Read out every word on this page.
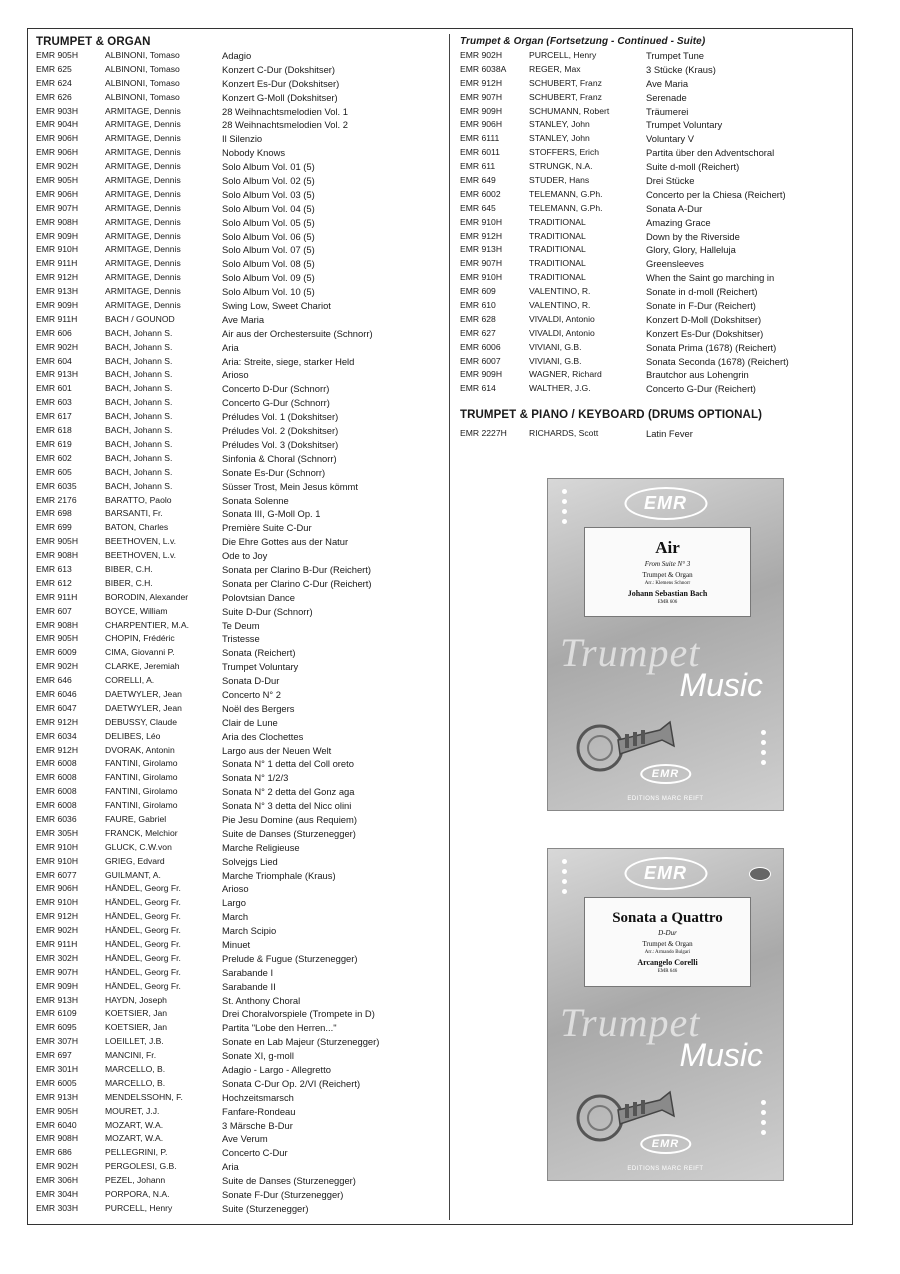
TRUMPET & ORGAN
EMR 905H	ALBINONI, Tomaso	Adagio
EMR 625	ALBINONI, Tomaso	Konzert C-Dur (Dokshitser)
EMR 624	ALBINONI, Tomaso	Konzert Es-Dur (Dokshitser)
EMR 626	ALBINONI, Tomaso	Konzert G-Moll (Dokshitser)
EMR 903H	ARMITAGE, Dennis	28 Weihnachtsmelodien Vol. 1
EMR 904H	ARMITAGE, Dennis	28 Weihnachtsmelodien Vol. 2
EMR 906H	ARMITAGE, Dennis	Il Silenzio
EMR 906H	ARMITAGE, Dennis	Nobody Knows
EMR 902H	ARMITAGE, Dennis	Solo Album Vol. 01 (5)
EMR 905H	ARMITAGE, Dennis	Solo Album Vol. 02 (5)
EMR 906H	ARMITAGE, Dennis	Solo Album Vol. 03 (5)
EMR 907H	ARMITAGE, Dennis	Solo Album Vol. 04 (5)
EMR 908H	ARMITAGE, Dennis	Solo Album Vol. 05 (5)
EMR 909H	ARMITAGE, Dennis	Solo Album Vol. 06 (5)
EMR 910H	ARMITAGE, Dennis	Solo Album Vol. 07 (5)
EMR 911H	ARMITAGE, Dennis	Solo Album Vol. 08 (5)
EMR 912H	ARMITAGE, Dennis	Solo Album Vol. 09 (5)
EMR 913H	ARMITAGE, Dennis	Solo Album Vol. 10 (5)
EMR 909H	ARMITAGE, Dennis	Swing Low, Sweet Chariot
EMR 911H	BACH / GOUNOD	Ave Maria
EMR 606	BACH, Johann S.	Air aus der Orchestersuite (Schnorr)
EMR 902H	BACH, Johann S.	Aria
EMR 604	BACH, Johann S.	Aria: Streite, siege, starker Held
EMR 913H	BACH, Johann S.	Arioso
EMR 601	BACH, Johann S.	Concerto D-Dur (Schnorr)
EMR 603	BACH, Johann S.	Concerto G-Dur (Schnorr)
EMR 617	BACH, Johann S.	Préludes Vol. 1 (Dokshitser)
EMR 618	BACH, Johann S.	Préludes Vol. 2 (Dokshitser)
EMR 619	BACH, Johann S.	Préludes Vol. 3 (Dokshitser)
EMR 602	BACH, Johann S.	Sinfonia & Choral (Schnorr)
EMR 605	BACH, Johann S.	Sonate Es-Dur (Schnorr)
EMR 6035	BACH, Johann S.	Süsser Trost, Mein Jesus kömmt
EMR 2176	BARATTO, Paolo	Sonata Solenne
EMR 698	BARSANTI, Fr.	Sonata III, G-Moll Op. 1
EMR 699	BATON, Charles	Première Suite C-Dur
EMR 905H	BEETHOVEN, L.v.	Die Ehre Gottes aus der Natur
EMR 908H	BEETHOVEN, L.v.	Ode to Joy
EMR 613	BIBER, C.H.	Sonata per Clarino B-Dur (Reichert)
EMR 612	BIBER, C.H.	Sonata per Clarino C-Dur (Reichert)
EMR 911H	BORODIN, Alexander	Polovtsian Dance
EMR 607	BOYCE, William	Suite D-Dur (Schnorr)
EMR 908H	CHARPENTIER, M.A.	Te Deum
EMR 905H	CHOPIN, Frédéric	Tristesse
EMR 6009	CIMA, Giovanni P.	Sonata (Reichert)
EMR 902H	CLARKE, Jeremiah	Trumpet Voluntary
EMR 646	CORELLI, A.	Sonata D-Dur
EMR 6046	DAETWYLER, Jean	Concerto N° 2
EMR 6047	DAETWYLER, Jean	Noël des Bergers
EMR 912H	DEBUSSY, Claude	Clair de Lune
EMR 6034	DELIBES, Léo	Aria des Clochettes
EMR 912H	DVORAK, Antonin	Largo aus der Neuen Welt
EMR 6008	FANTINI, Girolamo	Sonata N° 1 detta del Coll oreto
EMR 6008	FANTINI, Girolamo	Sonata N° 1/2/3
EMR 6008	FANTINI, Girolamo	Sonata N° 2 detta del Gonz aga
EMR 6008	FANTINI, Girolamo	Sonata N° 3 detta del Nicc olini
EMR 6036	FAURE, Gabriel	Pie Jesu Domine (aus Requiem)
EMR 305H	FRANCK, Melchior	Suite de Danses (Sturzenegger)
EMR 910H	GLUCK, C.W.von	Marche Religieuse
EMR 910H	GRIEG, Edvard	Solvejgs Lied
EMR 6077	GUILMANT, A.	Marche Triomphale (Kraus)
EMR 906H	HÄNDEL, Georg Fr.	Arioso
EMR 910H	HÄNDEL, Georg Fr.	Largo
EMR 912H	HÄNDEL, Georg Fr.	March
EMR 902H	HÄNDEL, Georg Fr.	March Scipio
EMR 911H	HÄNDEL, Georg Fr.	Minuet
EMR 302H	HÄNDEL, Georg Fr.	Prelude & Fugue (Sturzenegger)
EMR 907H	HÄNDEL, Georg Fr.	Sarabande I
EMR 909H	HÄNDEL, Georg Fr.	Sarabande II
EMR 913H	HAYDN, Joseph	St. Anthony Choral
EMR 6109	KOETSIER, Jan	Drei Choralvorspiele (Trompete in D)
EMR 6095	KOETSIER, Jan	Partita "Lobe den Herren..."
EMR 307H	LOEILLET, J.B.	Sonate en Lab Majeur (Sturzenegger)
EMR 697	MANCINI, Fr.	Sonate XI, g-moll
EMR 301H	MARCELLO, B.	Adagio - Largo - Allegretto
EMR 6005	MARCELLO, B.	Sonata C-Dur Op. 2/VI (Reichert)
EMR 913H	MENDELSSOHN, F.	Hochzeitsmarsch
EMR 905H	MOURET, J.J.	Fanfare-Rondeau
EMR 6040	MOZART, W.A.	3 Märsche B-Dur
EMR 908H	MOZART, W.A.	Ave Verum
EMR 686	PELLEGRINI, P.	Concerto C-Dur
EMR 902H	PERGOLESI, G.B.	Aria
EMR 306H	PEZEL, Johann	Suite de Danses (Sturzenegger)
EMR 304H	PORPORA, N.A.	Sonate F-Dur (Sturzenegger)
EMR 303H	PURCELL, Henry	Suite (Sturzenegger)
Trumpet & Organ (Fortsetzung - Continued - Suite)
EMR 902H	PURCELL, Henry	Trumpet Tune
EMR 6038A	REGER, Max	3 Stücke (Kraus)
EMR 912H	SCHUBERT, Franz	Ave Maria
EMR 907H	SCHUBERT, Franz	Serenade
EMR 909H	SCHUMANN, Robert	Träumerei
EMR 906H	STANLEY, John	Trumpet Voluntary
EMR 6111	STANLEY, John	Voluntary V
EMR 6011	STOFFERS, Erich	Partita über den Adventschoral
EMR 611	STRUNGK, N.A.	Suite d-moll (Reichert)
EMR 649	STUDER, Hans	Drei Stücke
EMR 6002	TELEMANN, G.Ph.	Concerto per la Chiesa (Reichert)
EMR 645	TELEMANN, G.Ph.	Sonata A-Dur
EMR 910H	TRADITIONAL	Amazing Grace
EMR 912H	TRADITIONAL	Down by the Riverside
EMR 913H	TRADITIONAL	Glory, Glory, Halleluja
EMR 907H	TRADITIONAL	Greensleeves
EMR 910H	TRADITIONAL	When the Saint go marching in
EMR 609	VALENTINO, R.	Sonate in d-moll (Reichert)
EMR 610	VALENTINO, R.	Sonate in F-Dur (Reichert)
EMR 628	VIVALDI, Antonio	Konzert D-Moll (Dokshitser)
EMR 627	VIVALDI, Antonio	Konzert Es-Dur (Dokshitser)
EMR 6006	VIVIANI, G.B.	Sonata Prima (1678) (Reichert)
EMR 6007	VIVIANI, G.B.	Sonata Seconda (1678) (Reichert)
EMR 909H	WAGNER, Richard	Brautchor aus Lohengrin
EMR 614	WALTHER, J.G.	Concerto G-Dur (Reichert)
TRUMPET & PIANO / KEYBOARD (DRUMS OPTIONAL)
EMR 2227H	RICHARDS, Scott	Latin Fever
EMR
Air
From Suite N° 3
Trumpet & Organ
Arr.: Klemens Schnorr
Johann Sebastian Bach
EMR 606
Trumpet
Music
EMR
EDITIONS MARC REIFT
EMR
Sonata a Quattro
D-Dur
Trumpet & Organ
Arr.: Armando Bulgari
Arcangelo Corelli
EMR 646
Trumpet
Music
EMR
EDITIONS MARC REIFT
